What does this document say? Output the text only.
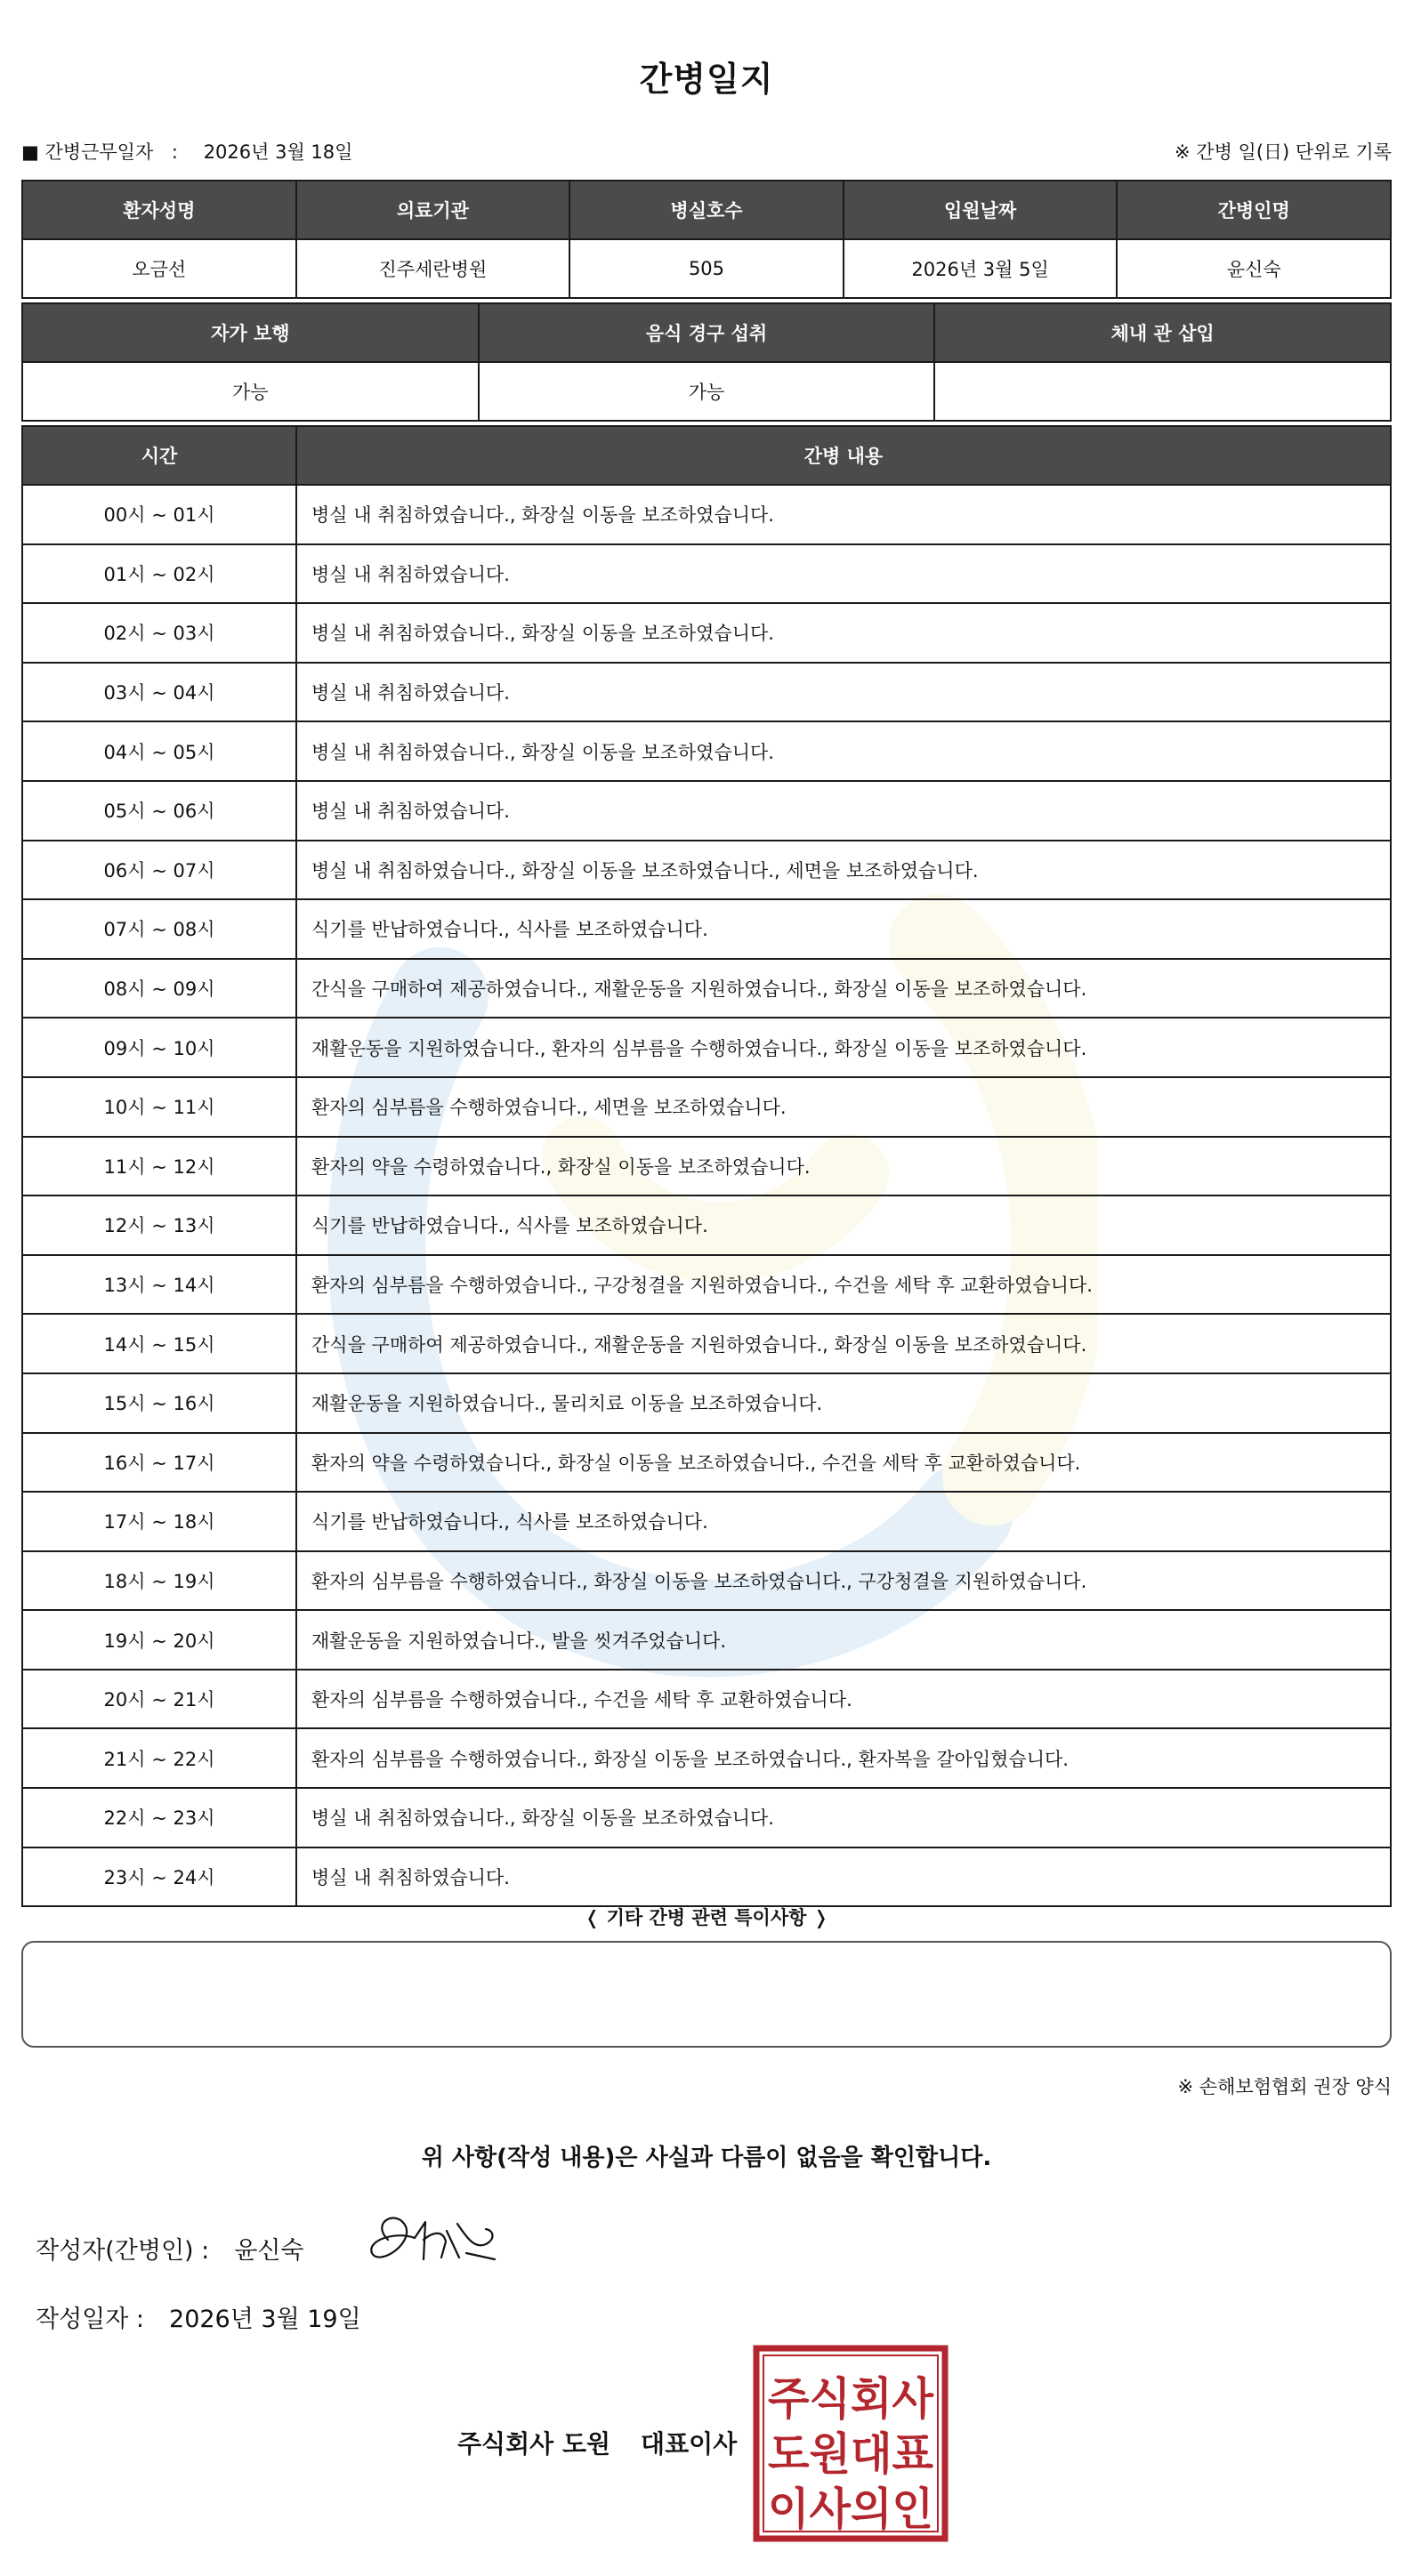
간병일지
■ 간병근무일자 : 2026년 3월 18일	※ 간병 일(日) 단위로 기록
환자성명	의료기관	병실호수	입원날짜	간병인명
오금선	진주세란병원	505	2026년 3월 5일	윤신숙
자가 보행	음식 경구 섭취	체내 관 삽입
가능	가능	
시간	간병 내용
00시 ~ 01시	병실 내 취침하였습니다., 화장실 이동을 보조하였습니다.
01시 ~ 02시	병실 내 취침하였습니다.
02시 ~ 03시	병실 내 취침하였습니다., 화장실 이동을 보조하였습니다.
03시 ~ 04시	병실 내 취침하였습니다.
04시 ~ 05시	병실 내 취침하였습니다., 화장실 이동을 보조하였습니다.
05시 ~ 06시	병실 내 취침하였습니다.
06시 ~ 07시	병실 내 취침하였습니다., 화장실 이동을 보조하였습니다., 세면을 보조하였습니다.
07시 ~ 08시	식기를 반납하였습니다., 식사를 보조하였습니다.
08시 ~ 09시	간식을 구매하여 제공하였습니다., 재활운동을 지원하였습니다., 화장실 이동을 보조하였습니다.
09시 ~ 10시	재활운동을 지원하였습니다., 환자의 심부름을 수행하였습니다., 화장실 이동을 보조하였습니다.
10시 ~ 11시	환자의 심부름을 수행하였습니다., 세면을 보조하였습니다.
11시 ~ 12시	환자의 약을 수령하였습니다., 화장실 이동을 보조하였습니다.
12시 ~ 13시	식기를 반납하였습니다., 식사를 보조하였습니다.
13시 ~ 14시	환자의 심부름을 수행하였습니다., 구강청결을 지원하였습니다., 수건을 세탁 후 교환하였습니다.
14시 ~ 15시	간식을 구매하여 제공하였습니다., 재활운동을 지원하였습니다., 화장실 이동을 보조하였습니다.
15시 ~ 16시	재활운동을 지원하였습니다., 물리치료 이동을 보조하였습니다.
16시 ~ 17시	환자의 약을 수령하였습니다., 화장실 이동을 보조하였습니다., 수건을 세탁 후 교환하였습니다.
17시 ~ 18시	식기를 반납하였습니다., 식사를 보조하였습니다.
18시 ~ 19시	환자의 심부름을 수행하였습니다., 화장실 이동을 보조하였습니다., 구강청결을 지원하였습니다.
19시 ~ 20시	재활운동을 지원하였습니다., 발을 씻겨주었습니다.
20시 ~ 21시	환자의 심부름을 수행하였습니다., 수건을 세탁 후 교환하였습니다.
21시 ~ 22시	환자의 심부름을 수행하였습니다., 화장실 이동을 보조하였습니다., 환자복을 갈아입혔습니다.
22시 ~ 23시	병실 내 취침하였습니다., 화장실 이동을 보조하였습니다.
23시 ~ 24시	병실 내 취침하였습니다.
❬ 기타 간병 관련 특이사항 ❭
※ 손해보험협회 권장 양식
위 사항(작성 내용)은 사실과 다름이 없음을 확인합니다.
작성자(간병인) : 윤신숙
작성일자 : 2026년 3월 19일
주식회사 도원 대표이사
주식회사
도원대표
이사의인
